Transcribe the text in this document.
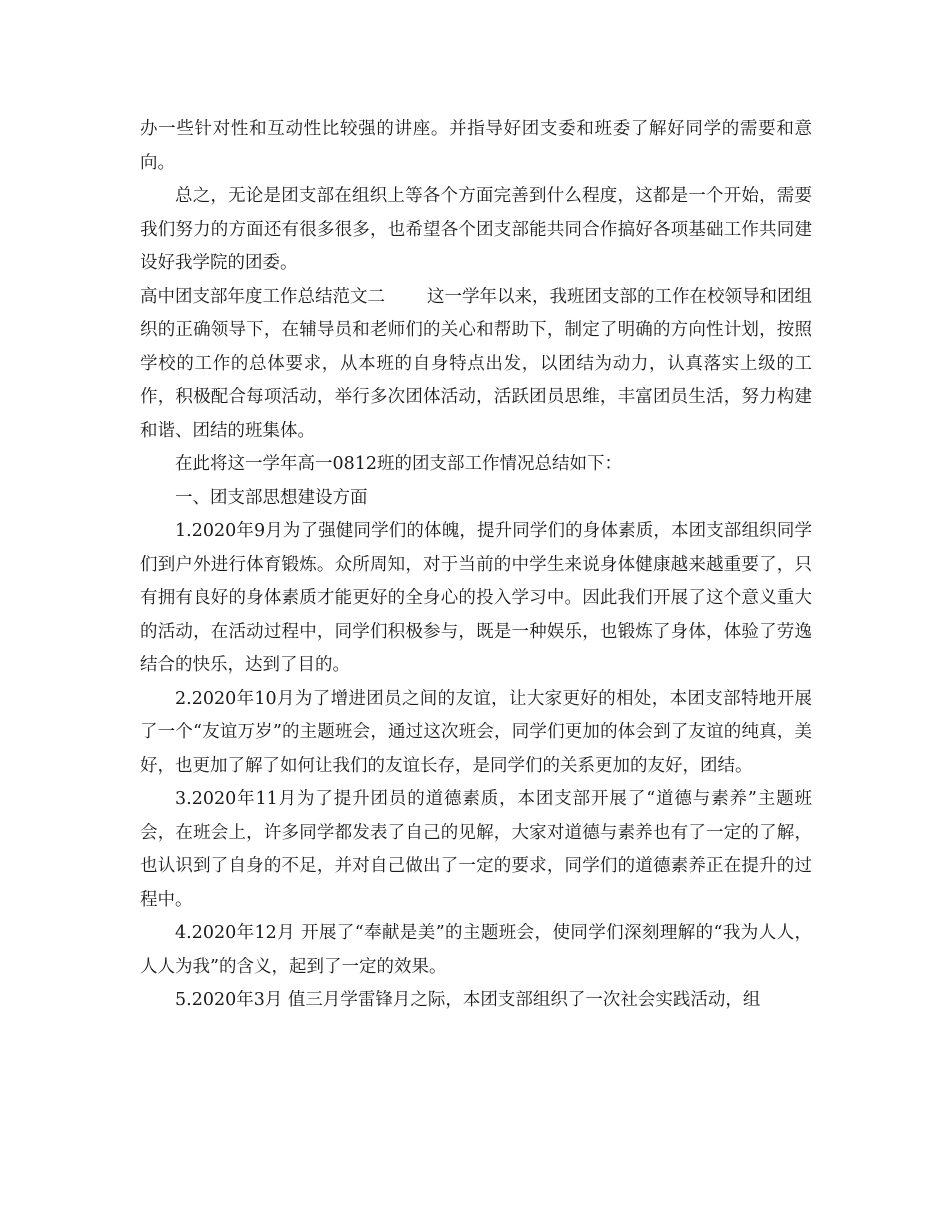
办一些针对性和互动性比较强的讲座。并指导好团支委和班委了解好同学的需要和意向。

总之，无论是团支部在组织上等各个方面完善到什么程度，这都是一个开始，需要我们努力的方面还有很多很多，也希望各个团支部能共同合作搞好各项基础工作共同建设好我学院的团委。

高中团支部年度工作总结范文二 这一学年以来，我班团支部的工作在校领导和团组织的正确领导下，在辅导员和老师们的关心和帮助下，制定了明确的方向性计划，按照学校的工作的总体要求，从本班的自身特点出发，以团结为动力，认真落实上级的工作，积极配合每项活动，举行多次团体活动，活跃团员思维，丰富团员生活，努力构建和谐、团结的班集体。

在此将这一学年高一0812班的团支部工作情况总结如下：

一、团支部思想建设方面

1.2020年9月为了强健同学们的体魄，提升同学们的身体素质，本团支部组织同学们到户外进行体育锻炼。众所周知，对于当前的中学生来说身体健康越来越重要了，只有拥有良好的身体素质才能更好的全身心的投入学习中。因此我们开展了这个意义重大的活动，在活动过程中，同学们积极参与，既是一种娱乐，也锻炼了身体，体验了劳逸结合的快乐，达到了目的。

2.2020年10月为了增进团员之间的友谊，让大家更好的相处，本团支部特地开展了一个“友谊万岁”的主题班会，通过这次班会，同学们更加的体会到了友谊的纯真，美好，也更加了解了如何让我们的友谊长存，是同学们的关系更加的友好，团结。

3.2020年11月为了提升团员的道德素质，本团支部开展了“道德与素养”主题班会，在班会上，许多同学都发表了自己的见解，大家对道德与素养也有了一定的了解，也认识到了自身的不足，并对自己做出了一定的要求，同学们的道德素养正在提升的过程中。

4.2020年12月 开展了“奉献是美”的主题班会，使同学们深刻理解的“我为人人，人人为我”的含义，起到了一定的效果。

5.2020年3月 值三月学雷锋月之际，本团支部组织了一次社会实践活动，组
